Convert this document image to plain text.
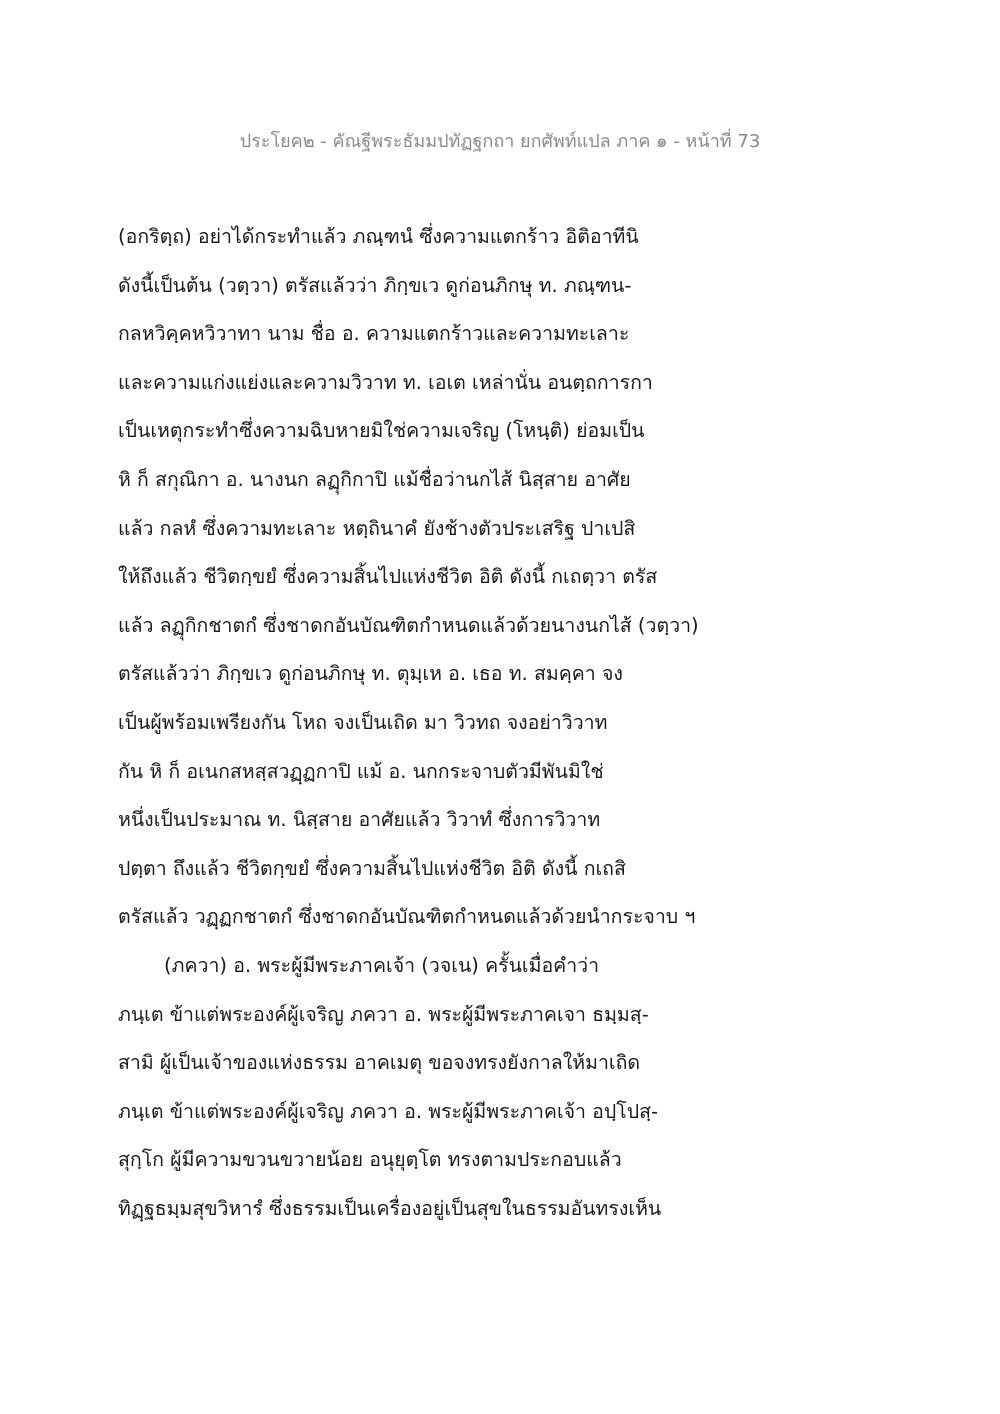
ประโยค๒ - คัณฐีพระธัมมปทัฏฐกถา ยกศัพท์แปล ภาค ๑ - หน้าที่ 73
(อกริตฺถ) อย่าได้กระทำแล้ว ภณฺฑนํ ซึ่งความแตกร้าว อิติอาทีนิ
ดังนี้เป็นต้น (วตฺวา) ตรัสแล้วว่า ภิกฺขเว ดูก่อนภิกษุ ท. ภณฺฑน-
กลหวิคฺคหวิวาทา นาม ชื่อ อ. ความแตกร้าวและความทะเลาะ
และความแก่งแย่งและความวิวาท ท. เอเต เหล่านั่น อนตฺถการกา
เป็นเหตุกระทำซึ่งความฉิบหายมิใช่ความเจริญ (โหนฺติ) ย่อมเป็น
หิ ก็ สกุณิกา อ. นางนก ลฏุกิกาปิ แม้ชื่อว่านกไส้ นิสฺสาย อาศัย
แล้ว กลหํ ซึ่งความทะเลาะ หตฺถินาคํ ยังช้างตัวประเสริฐ ปาเปสิ
ให้ถึงแล้ว ชีวิตกฺขยํ ซึ่งความสิ้นไปแห่งชีวิต อิติ ดังนี้ กเถตฺวา ตรัส
แล้ว ลฏุกิกชาตกํ ซึ่งชาดกอันบัณฑิตกำหนดแล้วด้วยนางนกไส้ (วตฺวา)
ตรัสแล้วว่า ภิกฺขเว ดูก่อนภิกษุ ท. ตุมฺเห อ. เธอ ท. สมคฺคา จง
เป็นผู้พร้อมเพรียงกัน โหถ จงเป็นเถิด มา วิวทถ จงอย่าวิวาท
กัน หิ ก็ อเนกสหสฺสวฏฺฏกาปิ แม้ อ. นกกระจาบตัวมีพันมิใช่
หนึ่งเป็นประมาณ ท. นิสฺสาย อาศัยแล้ว วิวาทํ ซึ่งการวิวาท
ปตฺตา ถึงแล้ว ชีวิตกฺขยํ ซึ่งความสิ้นไปแห่งชีวิต อิติ ดังนี้ กเถสิ
ตรัสแล้ว วฏฺฏกชาตกํ ซึ่งชาดกอันบัณฑิตกำหนดแล้วด้วยนำกระจาบ ฯ
(ภควา) อ. พระผู้มีพระภาคเจ้า (วจเน) ครั้นเมื่อคำว่า
ภนฺเต ข้าแต่พระองค์ผู้เจริญ ภควา อ. พระผู้มีพระภาคเจา ธมฺมสฺ-
สามิ ผู้เป็นเจ้าของแห่งธรรม อาคเมตุ ขอจงทรงยังกาลให้มาเถิด
ภนฺเต ข้าแต่พระองค์ผู้เจริญ ภควา อ. พระผู้มีพระภาคเจ้า อปฺโปสฺ-
สุกฺโก ผู้มีความขวนขวายน้อย อนุยุตฺโต ทรงตามประกอบแล้ว
ทิฏฺฐธมฺมสุขวิหารํ ซึ่งธรรมเป็นเครื่องอยู่เป็นสุขในธรรมอันทรงเห็น
